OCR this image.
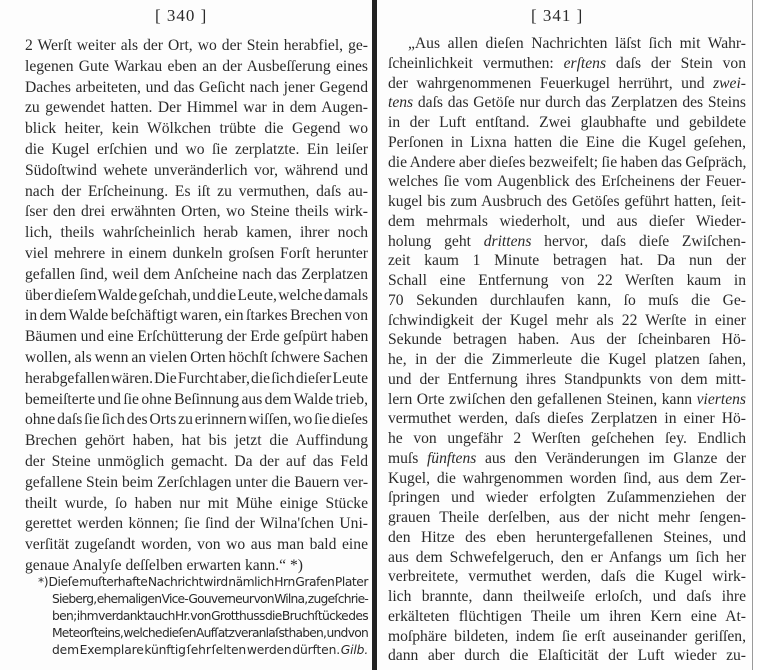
[ 340 ]
2 Werſt weiter als der Ort, wo der Stein herabfiel, ge-
legenen Gute Warkau eben an der Ausbeſſerung eines
Daches arbeiteten, und das Geſicht nach jener Gegend
zu gewendet hatten. Der Himmel war in dem Augen-
blick heiter, kein Wölkchen trübte die Gegend wo
die Kugel erſchien und wo ſie zerplatzte. Ein leiſer
Südoſtwind wehete unveränderlich vor, während und
nach der Erſcheinung. Es iſt zu vermuthen, daſs au-
ſser den drei erwähnten Orten, wo Steine theils wirk-
lich, theils wahrſcheinlich herab kamen, ihrer noch
viel mehrere in einem dunkeln groſsen Forſt herunter
gefallen ſind, weil dem Anſcheine nach das Zerplatzen
über dieſem Walde geſchah, und die Leute, welche damals
in dem Walde beſchäftigt waren, ein ſtarkes Brechen von
Bäumen und eine Erſchütterung der Erde geſpürt haben
wollen, als wenn an vielen Orten höchſt ſchwere Sachen
herabgefallen wären. Die Furcht aber, die ſich dieſer Leute
bemeiſterte und ſie ohne Beſinnung aus dem Walde trieb,
ohne daſs ſie ſich des Orts zu erinnern wiſſen, wo ſie dieſes
Brechen gehört haben, hat bis jetzt die Auffindung
der Steine unmöglich gemacht. Da der auf das Feld
gefallene Stein beim Zerſchlagen unter die Bauern ver-
theilt wurde, ſo haben nur mit Mühe einige Stücke
gerettet werden können; ſie ſind der Wilna'ſchen Uni-
verſität zugeſandt worden, von wo aus man bald eine
genaue Analyſe deſſelben erwarten kann.“ *)
*) Dieſe muſterhafte Nachricht wird nämlich Hrn Grafen Plater
Sieberg, ehemaligen Vice-Gouverneur von Wilna, zugeſchrie-
ben; ihm verdankt auch Hr. von Grotthuss die Bruchſtücke des
Meteorſteins, welche dieſen Aufſatz veranlaſst haben, und von
dem Exemplare künftig ſehr ſelten werden dürften. Gilb.
[ 341 ]
„Aus allen dieſen Nachrichten läſst ſich mit Wahr-
ſcheinlichkeit vermuthen: erſtens daſs der Stein von
der wahrgenommenen Feuerkugel herrührt, und zwei-
tens daſs das Getöſe nur durch das Zerplatzen des Steins
in der Luft entſtand. Zwei glaubhafte und gebildete
Perſonen in Lixna hatten die Eine die Kugel geſehen,
die Andere aber dieſes bezweifelt; ſie haben das Geſpräch,
welches ſie vom Augenblick des Erſcheinens der Feuer-
kugel bis zum Ausbruch des Getöſes geführt hatten, ſeit-
dem mehrmals wiederholt, und aus dieſer Wieder-
holung geht drittens hervor, daſs dieſe Zwiſchen-
zeit kaum 1 Minute betragen hat. Da nun der
Schall eine Entfernung von 22 Werſten kaum in
70 Sekunden durchlaufen kann, ſo muſs die Ge-
ſchwindigkeit der Kugel mehr als 22 Werſte in einer
Sekunde betragen haben. Aus der ſcheinbaren Hö-
he, in der die Zimmerleute die Kugel platzen ſahen,
und der Entfernung ihres Standpunkts von dem mitt-
lern Orte zwiſchen den gefallenen Steinen, kann viertens
vermuthet werden, daſs dieſes Zerplatzen in einer Hö-
he von ungefähr 2 Werſten geſchehen ſey. Endlich
muſs fünftens aus den Veränderungen im Glanze der
Kugel, die wahrgenommen worden ſind, aus dem Zer-
ſpringen und wieder erfolgten Zuſammenziehen der
grauen Theile derſelben, aus der nicht mehr ſengen-
den Hitze des eben heruntergefallenen Steines, und
aus dem Schwefelgeruch, den er Anfangs um ſich her
verbreitete, vermuthet werden, daſs die Kugel wirk-
lich brannte, dann theilweiſe erloſch, und daſs ihre
erkälteten flüchtigen Theile um ihren Kern eine At-
moſphäre bildeten, indem ſie erſt auseinander geriſſen,
dann aber durch die Elaſticität der Luft wieder zu-
